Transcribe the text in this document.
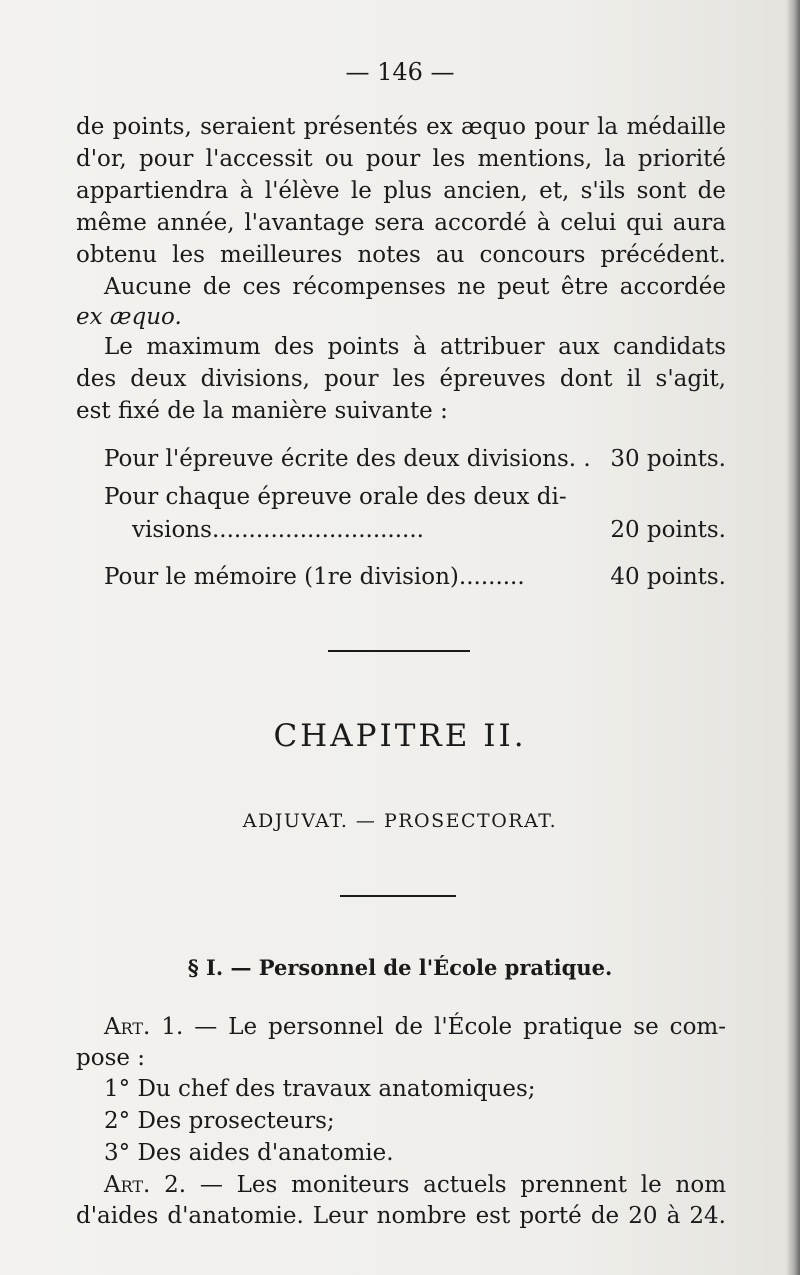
— 146 —
de points, seraient présentés ex æquo pour la médaille
d'or, pour l'accessit ou pour les mentions, la priorité
appartiendra à l'élève le plus ancien, et, s'ils sont de
même année, l'avantage sera accordé à celui qui aura
obtenu les meilleures notes au concours précédent.
Aucune de ces récompenses ne peut être accordée
ex æquo.
Le maximum des points à attribuer aux candidats
des deux divisions, pour les épreuves dont il s'agit,
est fixé de la manière suivante :
Pour l'épreuve écrite des deux divisions. . 30 points.
Pour chaque épreuve orale des deux di-
visions.............................	20 points.
Pour le mémoire (1re division).........	40 points.
CHAPITRE II.
ADJUVAT. — PROSECTORAT.
§ I. — Personnel de l'École pratique.
Art. 1. — Le personnel de l'École pratique se com-
pose :
1° Du chef des travaux anatomiques;
2° Des prosecteurs;
3° Des aides d'anatomie.
Art. 2. — Les moniteurs actuels prennent le nom
d'aides d'anatomie. Leur nombre est porté de 20 à 24.
